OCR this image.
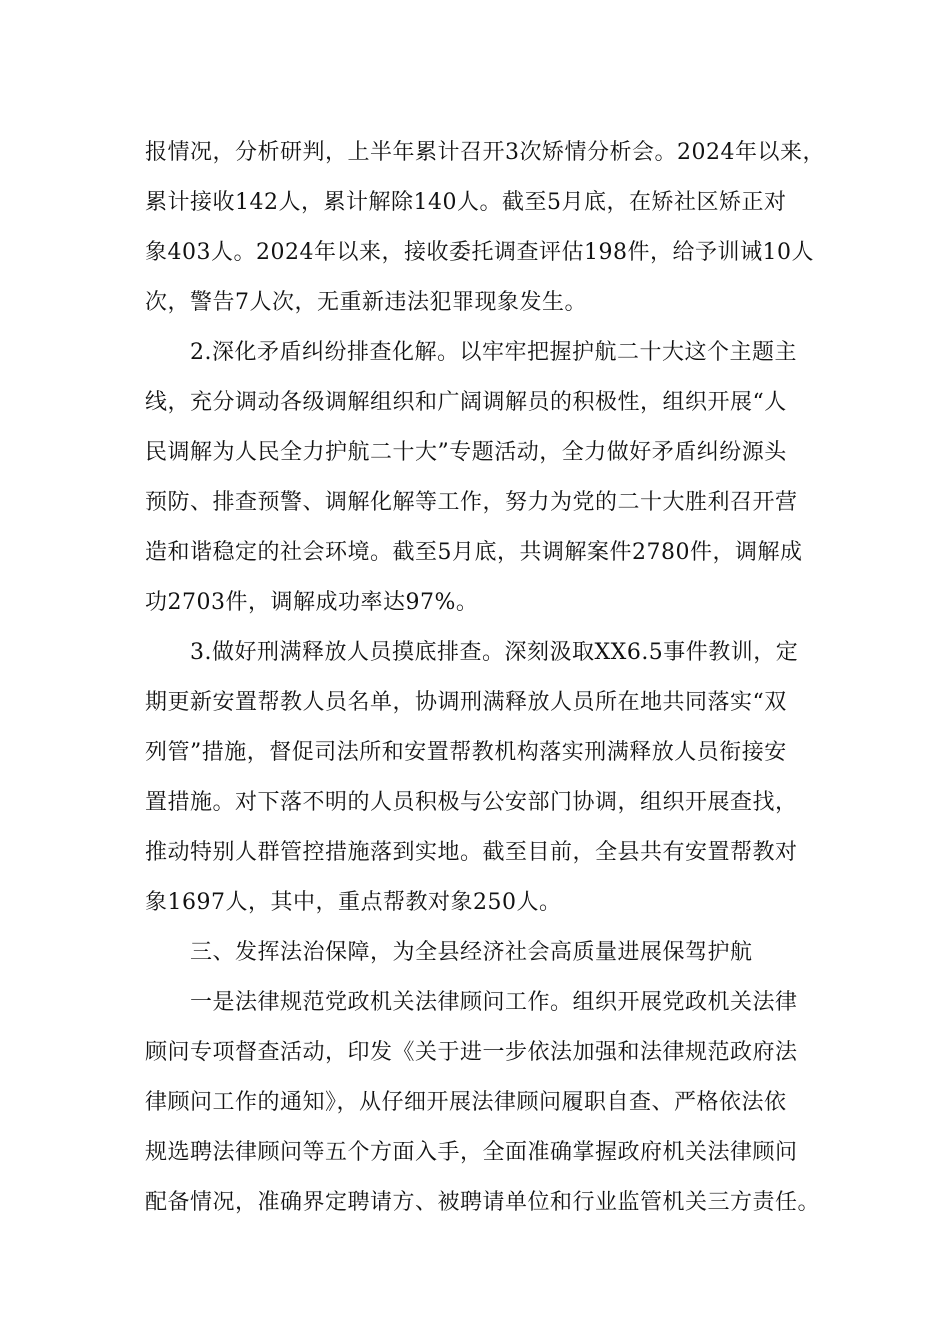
报情况，分析研判，上半年累计召开3次矫情分析会。2024年以来，

累计接收142人，累计解除140人。截至5月底，在矫社区矫正对

象403人。2024年以来，接收委托调查评估198件，给予训诫10人

次，警告7人次，无重新违法犯罪现象发生。

2.深化矛盾纠纷排查化解。以牢牢把握护航二十大这个主题主

线，充分调动各级调解组织和广阔调解员的积极性，组织开展“人

民调解为人民全力护航二十大”专题活动，全力做好矛盾纠纷源头

预防、排查预警、调解化解等工作，努力为党的二十大胜利召开营

造和谐稳定的社会环境。截至5月底，共调解案件2780件，调解成

功2703件，调解成功率达97%。

3.做好刑满释放人员摸底排查。深刻汲取XX6.5事件教训，定

期更新安置帮教人员名单，协调刑满释放人员所在地共同落实“双

列管”措施，督促司法所和安置帮教机构落实刑满释放人员衔接安

置措施。对下落不明的人员积极与公安部门协调，组织开展查找，

推动特别人群管控措施落到实地。截至目前，全县共有安置帮教对

象1697人，其中，重点帮教对象250人。

三、发挥法治保障，为全县经济社会高质量进展保驾护航

一是法律规范党政机关法律顾问工作。组织开展党政机关法律

顾问专项督查活动，印发《关于进一步依法加强和法律规范政府法

律顾问工作的通知》，从仔细开展法律顾问履职自查、严格依法依

规选聘法律顾问等五个方面入手，全面准确掌握政府机关法律顾问

配备情况，准确界定聘请方、被聘请单位和行业监管机关三方责任。
